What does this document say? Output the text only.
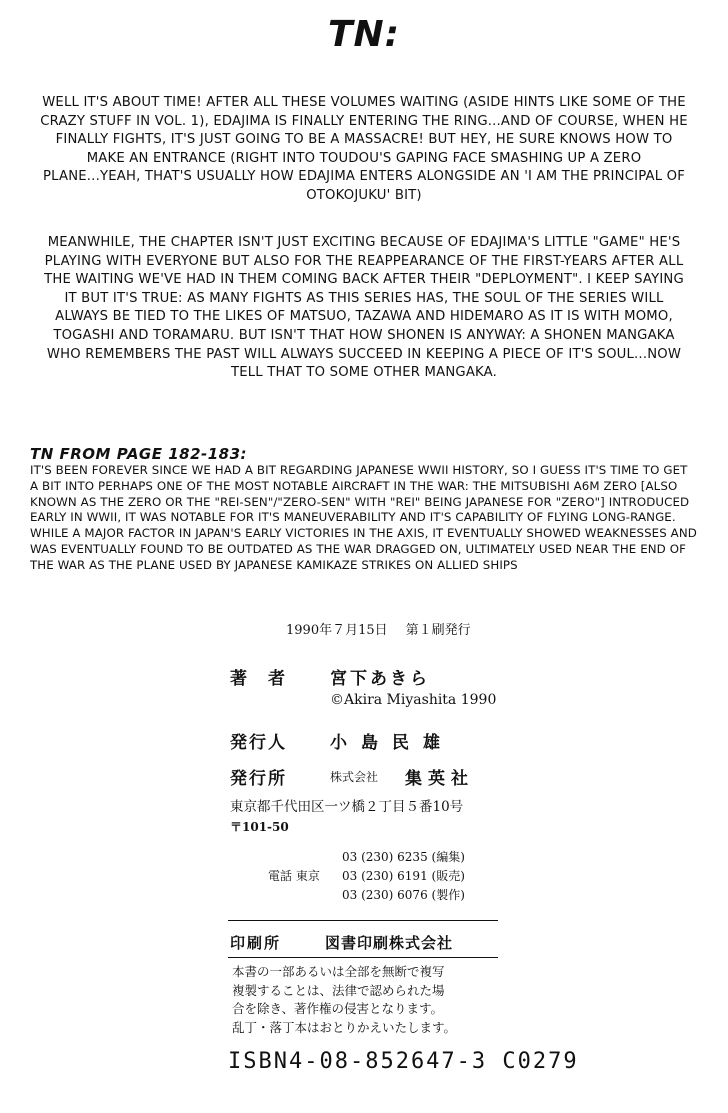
TN:

WELL IT'S ABOUT TIME! AFTER ALL THESE VOLUMES WAITING (ASIDE HINTS LIKE SOME OF THE CRAZY STUFF IN VOL. 1), EDAJIMA IS FINALLY ENTERING THE RING...AND OF COURSE, WHEN HE FINALLY FIGHTS, IT'S JUST GOING TO BE A MASSACRE! BUT HEY, HE SURE KNOWS HOW TO MAKE AN ENTRANCE (RIGHT INTO TOUDOU'S GAPING FACE SMASHING UP A ZERO PLANE...YEAH, THAT'S USUALLY HOW EDAJIMA ENTERS ALONGSIDE AN 'I AM THE PRINCIPAL OF OTOKOJUKU' BIT)

MEANWHILE, THE CHAPTER ISN'T JUST EXCITING BECAUSE OF EDAJIMA'S LITTLE "GAME" HE'S PLAYING WITH EVERYONE BUT ALSO FOR THE REAPPEARANCE OF THE FIRST-YEARS AFTER ALL THE WAITING WE'VE HAD IN THEM COMING BACK AFTER THEIR "DEPLOYMENT". I KEEP SAYING IT BUT IT'S TRUE: AS MANY FIGHTS AS THIS SERIES HAS, THE SOUL OF THE SERIES WILL ALWAYS BE TIED TO THE LIKES OF MATSUO, TAZAWA AND HIDEMARO AS IT IS WITH MOMO, TOGASHI AND TORAMARU. BUT ISN'T THAT HOW SHONEN IS ANYWAY: A SHONEN MANGAKA WHO REMEMBERS THE PAST WILL ALWAYS SUCCEED IN KEEPING A PIECE OF IT'S SOUL...NOW TELL THAT TO SOME OTHER MANGAKA.

TN FROM PAGE 182-183:

IT'S BEEN FOREVER SINCE WE HAD A BIT REGARDING JAPANESE WWII HISTORY, SO I GUESS IT'S TIME TO GET A BIT INTO PERHAPS ONE OF THE MOST NOTABLE AIRCRAFT IN THE WAR: THE MITSUBISHI A6M ZERO [ALSO KNOWN AS THE ZERO OR THE "REI-SEN"/"ZERO-SEN" WITH "REI" BEING JAPANESE FOR "ZERO"] INTRODUCED EARLY IN WWII, IT WAS NOTABLE FOR IT'S MANEUVERABILITY AND IT'S CAPABILITY OF FLYING LONG-RANGE. WHILE A MAJOR FACTOR IN JAPAN'S EARLY VICTORIES IN THE AXIS, IT EVENTUALLY SHOWED WEAKNESSES AND WAS EVENTUALLY FOUND TO BE OUTDATED AS THE WAR DRAGGED ON, ULTIMATELY USED NEAR THE END OF THE WAR AS THE PLANE USED BY JAPANESE KAMIKAZE STRIKES ON ALLIED SHIPS

1990年７月15日 第１刷発行
著　者	宮下あきら
©Akira Miyashita 1990
発行人	小島民雄
発行所	株式会社 集英社
東京都千代田区一ツ橋２丁目５番10号
〒101-50
03 (230) 6235 (編集)
電話 東京 03 (230) 6191 (販売)
03 (230) 6076 (製作)
印刷所	図書印刷株式会社
本書の一部あるいは全部を無断で複写
複製することは、法律で認められた場
合を除き、著作権の侵害となります。
乱丁・落丁本はおとりかえいたします。
ISBN4-08-852647-3 C0279
